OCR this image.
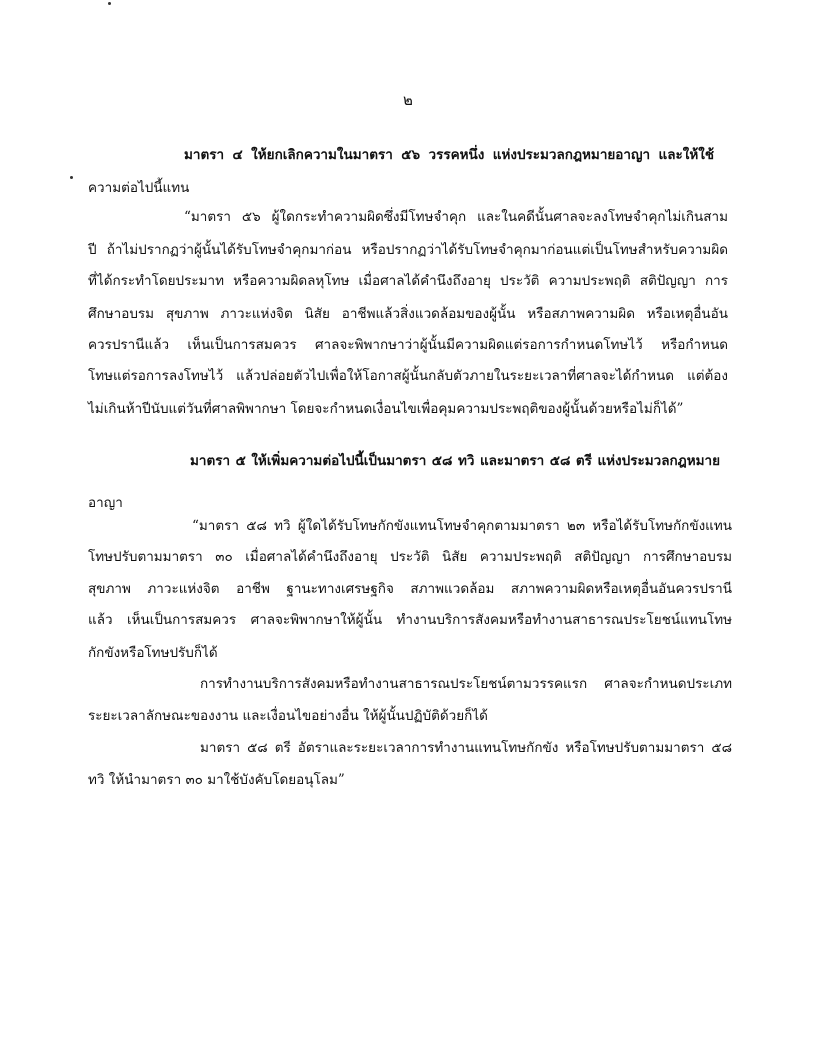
๒

มาตรา ๔ ให้ยกเลิกความในมาตรา ๕๖ วรรคหนึ่ง แห่งประมวลกฎหมายอาญา และให้ใช้

ความต่อไปนี้แทน

“มาตรา ๕๖ ผู้ใดกระทำความผิดซึ่งมีโทษจำคุก และในคดีนั้นศาลจะลงโทษจำคุกไม่เกินสาม

ปี ถ้าไม่ปรากฏว่าผู้นั้นได้รับโทษจำคุกมาก่อน หรือปรากฏว่าได้รับโทษจำคุกมาก่อนแต่เป็นโทษสำหรับความผิด

ที่ได้กระทำโดยประมาท หรือความผิดลหุโทษ เมื่อศาลได้คำนึงถึงอายุ ประวัติ ความประพฤติ สติปัญญา การ

ศึกษาอบรม สุขภาพ ภาวะแห่งจิต นิสัย อาชีพแล้วสิ่งแวดล้อมของผู้นั้น หรือสภาพความผิด หรือเหตุอื่นอัน

ควรปรานีแล้ว เห็นเป็นการสมควร ศาลจะพิพากษาว่าผู้นั้นมีความผิดแต่รอการกำหนดโทษไว้ หรือกำหนด

โทษแต่รอการลงโทษไว้ แล้วปล่อยตัวไปเพื่อให้โอกาสผู้นั้นกลับตัวภายในระยะเวลาที่ศาลจะได้กำหนด แต่ต้อง

ไม่เกินห้าปีนับแต่วันที่ศาลพิพากษา โดยจะกำหนดเงื่อนไขเพื่อคุมความประพฤติของผู้นั้นด้วยหรือไม่ก็ได้”

มาตรา ๕ ให้เพิ่มความต่อไปนี้เป็นมาตรา ๕๘ ทวิ และมาตรา ๕๘ ตรี แห่งประมวลกฎหมาย

อาญา

“มาตรา ๕๘ ทวิ ผู้ใดได้รับโทษกักขังแทนโทษจำคุกตามมาตรา ๒๓ หรือได้รับโทษกักขังแทน

โทษปรับตามมาตรา ๓๐ เมื่อศาลได้คำนึงถึงอายุ ประวัติ นิสัย ความประพฤติ สติปัญญา การศึกษาอบรม

สุขภาพ ภาวะแห่งจิต อาชีพ ฐานะทางเศรษฐกิจ สภาพแวดล้อม สภาพความผิดหรือเหตุอื่นอันควรปรานี

แล้ว เห็นเป็นการสมควร ศาลจะพิพากษาให้ผู้นั้น ทำงานบริการสังคมหรือทำงานสาธารณประโยชน์แทนโทษ

กักขังหรือโทษปรับก็ได้

การทำงานบริการสังคมหรือทำงานสาธารณประโยชน์ตามวรรคแรก ศาลจะกำหนดประเภท

ระยะเวลาลักษณะของงาน และเงื่อนไขอย่างอื่น ให้ผู้นั้นปฏิบัติด้วยก็ได้

มาตรา ๕๘ ตรี อัตราและระยะเวลาการทำงานแทนโทษกักขัง หรือโทษปรับตามมาตรา ๕๘

ทวิ ให้นำมาตรา ๓๐ มาใช้บังคับโดยอนุโลม”
